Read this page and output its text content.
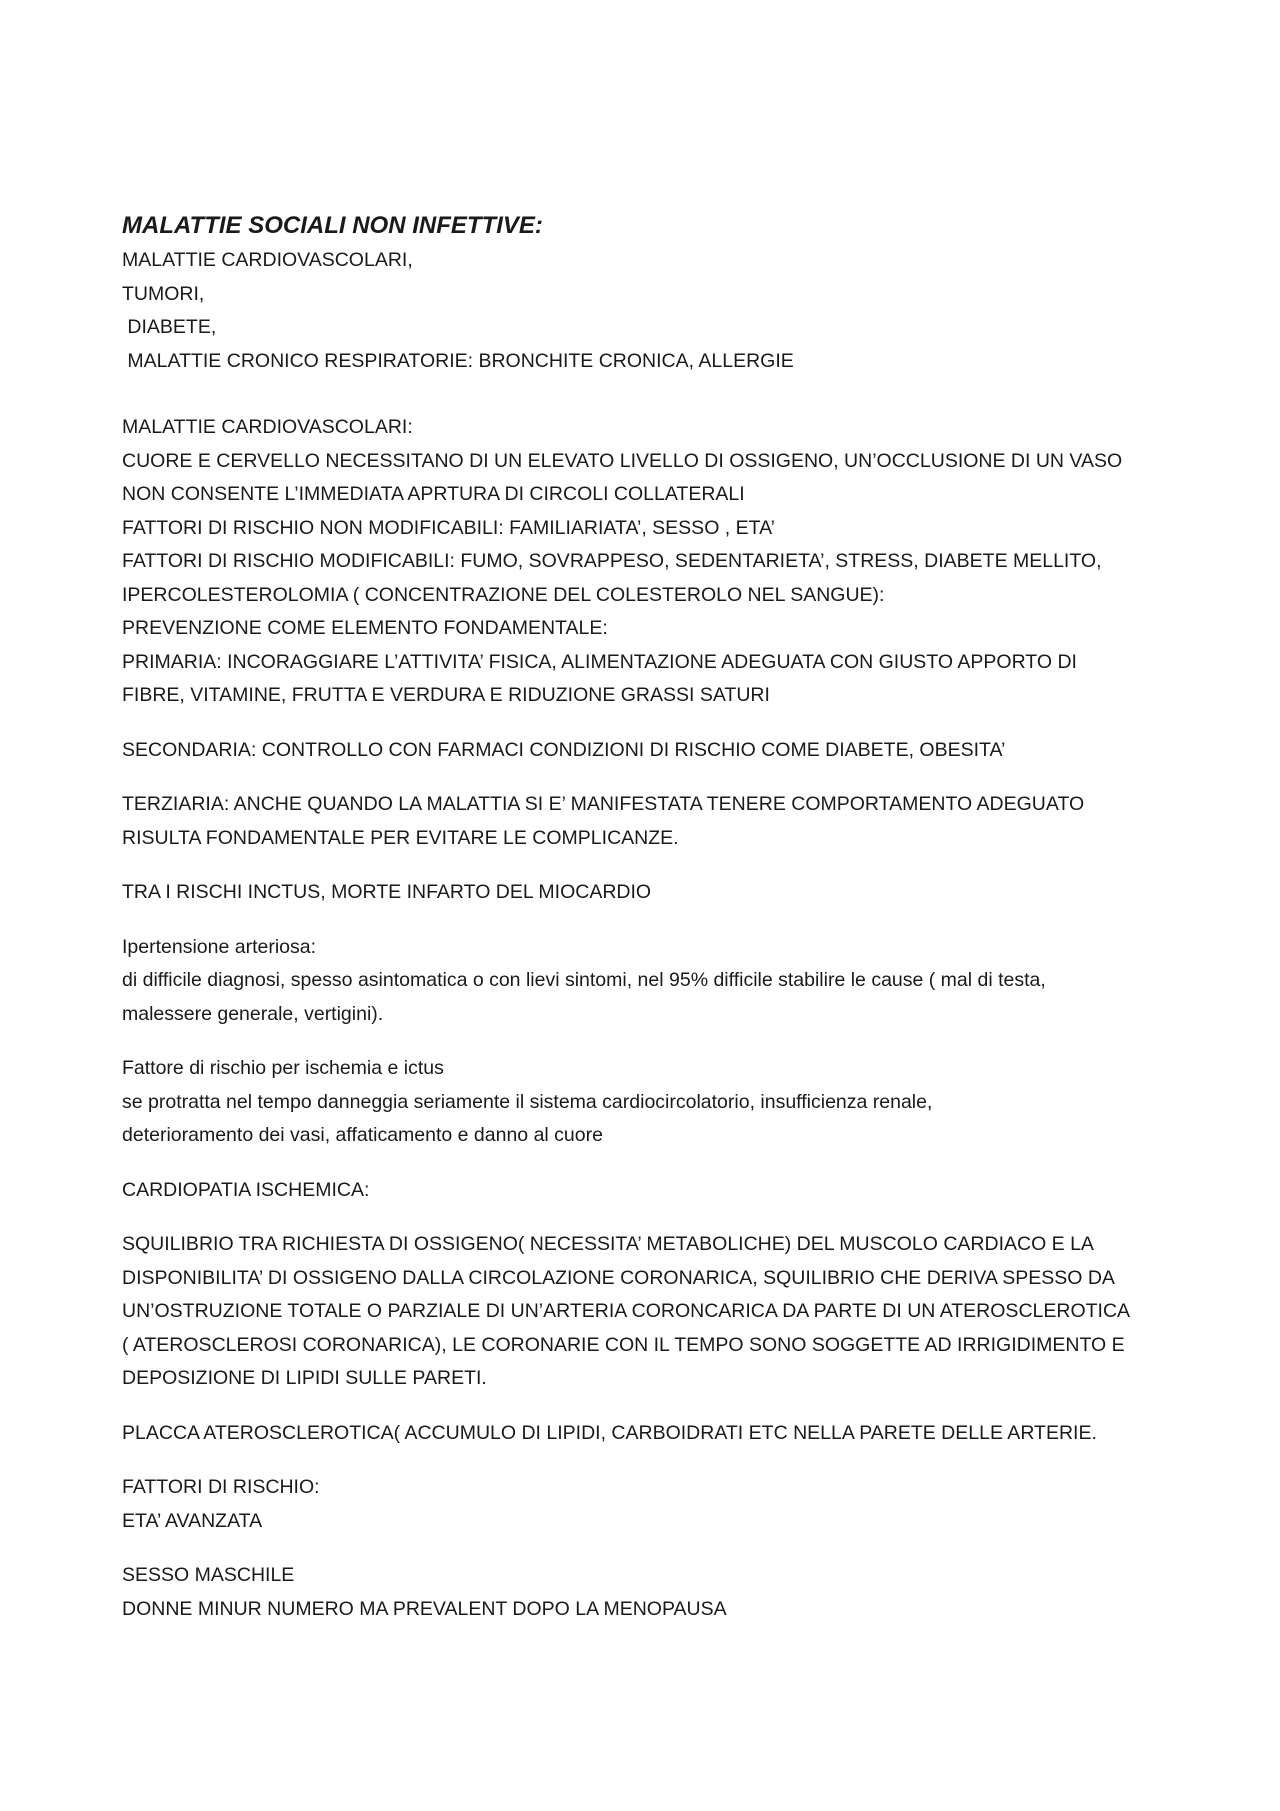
MALATTIE SOCIALI NON INFETTIVE:

MALATTIE CARDIOVASCOLARI,

TUMORI,

DIABETE,

MALATTIE CRONICO RESPIRATORIE: BRONCHITE CRONICA, ALLERGIE

MALATTIE CARDIOVASCOLARI:

CUORE E CERVELLO NECESSITANO DI UN ELEVATO LIVELLO DI OSSIGENO, UN’OCCLUSIONE DI UN VASO

NON CONSENTE L’IMMEDIATA APRTURA DI CIRCOLI COLLATERALI

FATTORI DI RISCHIO NON MODIFICABILI: FAMILIARIATA’, SESSO , ETA’

FATTORI DI RISCHIO MODIFICABILI: FUMO, SOVRAPPESO, SEDENTARIETA’, STRESS, DIABETE MELLITO,

IPERCOLESTEROLOMIA ( CONCENTRAZIONE DEL COLESTEROLO NEL SANGUE):

PREVENZIONE COME ELEMENTO FONDAMENTALE:

PRIMARIA: INCORAGGIARE L’ATTIVITA’ FISICA, ALIMENTAZIONE ADEGUATA CON GIUSTO APPORTO DI

FIBRE, VITAMINE, FRUTTA E VERDURA E RIDUZIONE GRASSI SATURI

SECONDARIA: CONTROLLO CON FARMACI CONDIZIONI DI RISCHIO COME DIABETE, OBESITA’

TERZIARIA: ANCHE QUANDO LA MALATTIA SI E’ MANIFESTATA TENERE COMPORTAMENTO ADEGUATO

RISULTA FONDAMENTALE PER EVITARE LE COMPLICANZE.

TRA I RISCHI INCTUS, MORTE INFARTO DEL MIOCARDIO

Ipertensione arteriosa:

di difficile diagnosi, spesso asintomatica o con lievi sintomi, nel 95% difficile stabilire le cause ( mal di testa,

malessere generale, vertigini).

Fattore di rischio per ischemia e ictus

se protratta nel tempo danneggia seriamente il sistema cardiocircolatorio, insufficienza renale,

deterioramento dei vasi, affaticamento e danno al cuore

CARDIOPATIA ISCHEMICA:

SQUILIBRIO TRA RICHIESTA DI OSSIGENO( NECESSITA’ METABOLICHE) DEL MUSCOLO CARDIACO E LA

DISPONIBILITA’ DI OSSIGENO DALLA CIRCOLAZIONE CORONARICA, SQUILIBRIO CHE DERIVA SPESSO DA

UN’OSTRUZIONE TOTALE O PARZIALE DI UN’ARTERIA CORONCARICA DA PARTE DI UN ATEROSCLEROTICA

( ATEROSCLEROSI CORONARICA), LE CORONARIE CON IL TEMPO SONO SOGGETTE AD IRRIGIDIMENTO E

DEPOSIZIONE DI LIPIDI SULLE PARETI.

PLACCA ATEROSCLEROTICA( ACCUMULO DI LIPIDI, CARBOIDRATI ETC NELLA PARETE DELLE ARTERIE.

FATTORI DI RISCHIO:

ETA’ AVANZATA

SESSO MASCHILE

DONNE MINUR NUMERO MA PREVALENT DOPO LA MENOPAUSA
